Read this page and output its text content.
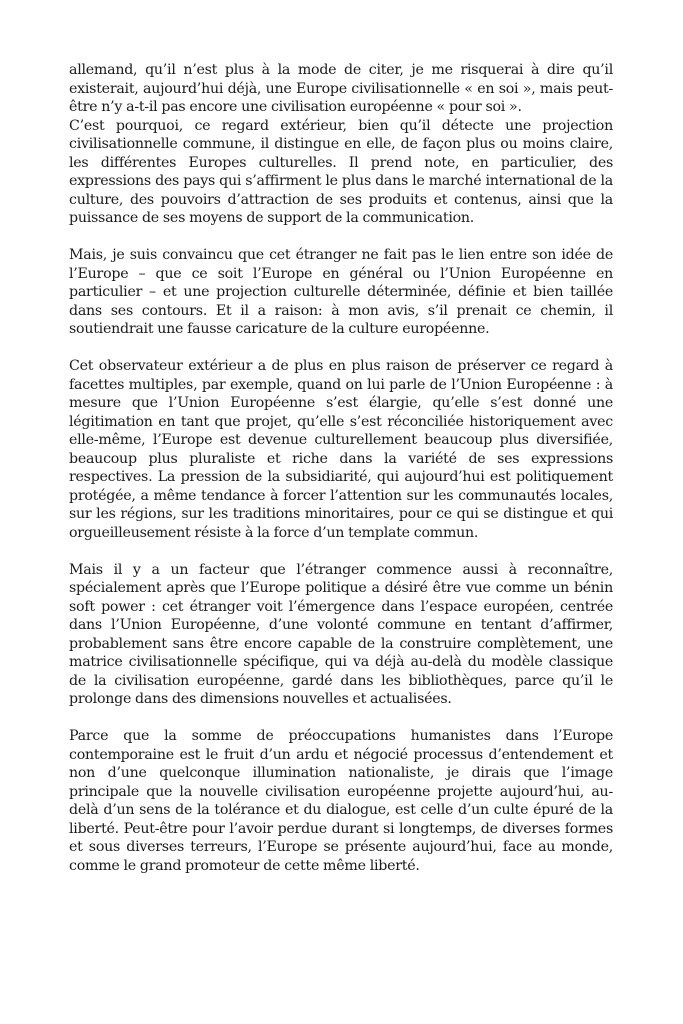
allemand, qu’il n’est plus à la mode de citer, je me risquerai à dire qu’il existerait, aujourd’hui déjà, une Europe civilisationnelle « en soi », mais peut-être n’y a-t-il pas encore une civilisation européenne « pour soi ».

C’est pourquoi, ce regard extérieur, bien qu’il détecte une projection civilisationnelle commune, il distingue en elle, de façon plus ou moins claire, les différentes Europes culturelles. Il prend note, en particulier, des expressions des pays qui s’affirment le plus dans le marché international de la culture, des pouvoirs d’attraction de ses produits et contenus, ainsi que la puissance de ses moyens de support de la communication.

Mais, je suis convaincu que cet étranger ne fait pas le lien entre son idée de l’Europe – que ce soit l’Europe en général ou l’Union Européenne en particulier – et une projection culturelle déterminée, définie et bien taillée dans ses contours. Et il a raison: à mon avis, s’il prenait ce chemin, il soutiendrait une fausse caricature de la culture européenne.

Cet observateur extérieur a de plus en plus raison de préserver ce regard à facettes multiples, par exemple, quand on lui parle de l’Union Européenne : à mesure que l’Union Européenne s’est élargie, qu’elle s’est donné une légitimation en tant que projet, qu’elle s’est réconciliée historiquement avec elle-même, l’Europe est devenue culturellement beaucoup plus diversifiée, beaucoup plus pluraliste et riche dans la variété de ses expressions respectives. La pression de la subsidiarité, qui aujourd’hui est politiquement protégée, a même tendance à forcer l’attention sur les communautés locales, sur les régions, sur les traditions minoritaires, pour ce qui se distingue et qui orgueilleusement résiste à la force d’un template commun.

Mais il y a un facteur que l’étranger commence aussi à reconnaître, spécialement après que l’Europe politique a désiré être vue comme un bénin soft power : cet étranger voit l’émergence dans l’espace européen, centrée dans l’Union Européenne, d’une volonté commune en tentant d’affirmer, probablement sans être encore capable de la construire complètement, une matrice civilisationnelle spécifique, qui va déjà au-delà du modèle classique de la civilisation européenne, gardé dans les bibliothèques, parce qu’il le prolonge dans des dimensions nouvelles et actualisées.

Parce que la somme de préoccupations humanistes dans l’Europe contemporaine est le fruit d’un ardu et négocié processus d’entendement et non d’une quelconque illumination nationaliste, je dirais que l’image principale que la nouvelle civilisation européenne projette aujourd’hui, au-delà d’un sens de la tolérance et du dialogue, est celle d’un culte épuré de la liberté. Peut-être pour l’avoir perdue durant si longtemps, de diverses formes et sous diverses terreurs, l’Europe se présente aujourd’hui, face au monde, comme le grand promoteur de cette même liberté.
